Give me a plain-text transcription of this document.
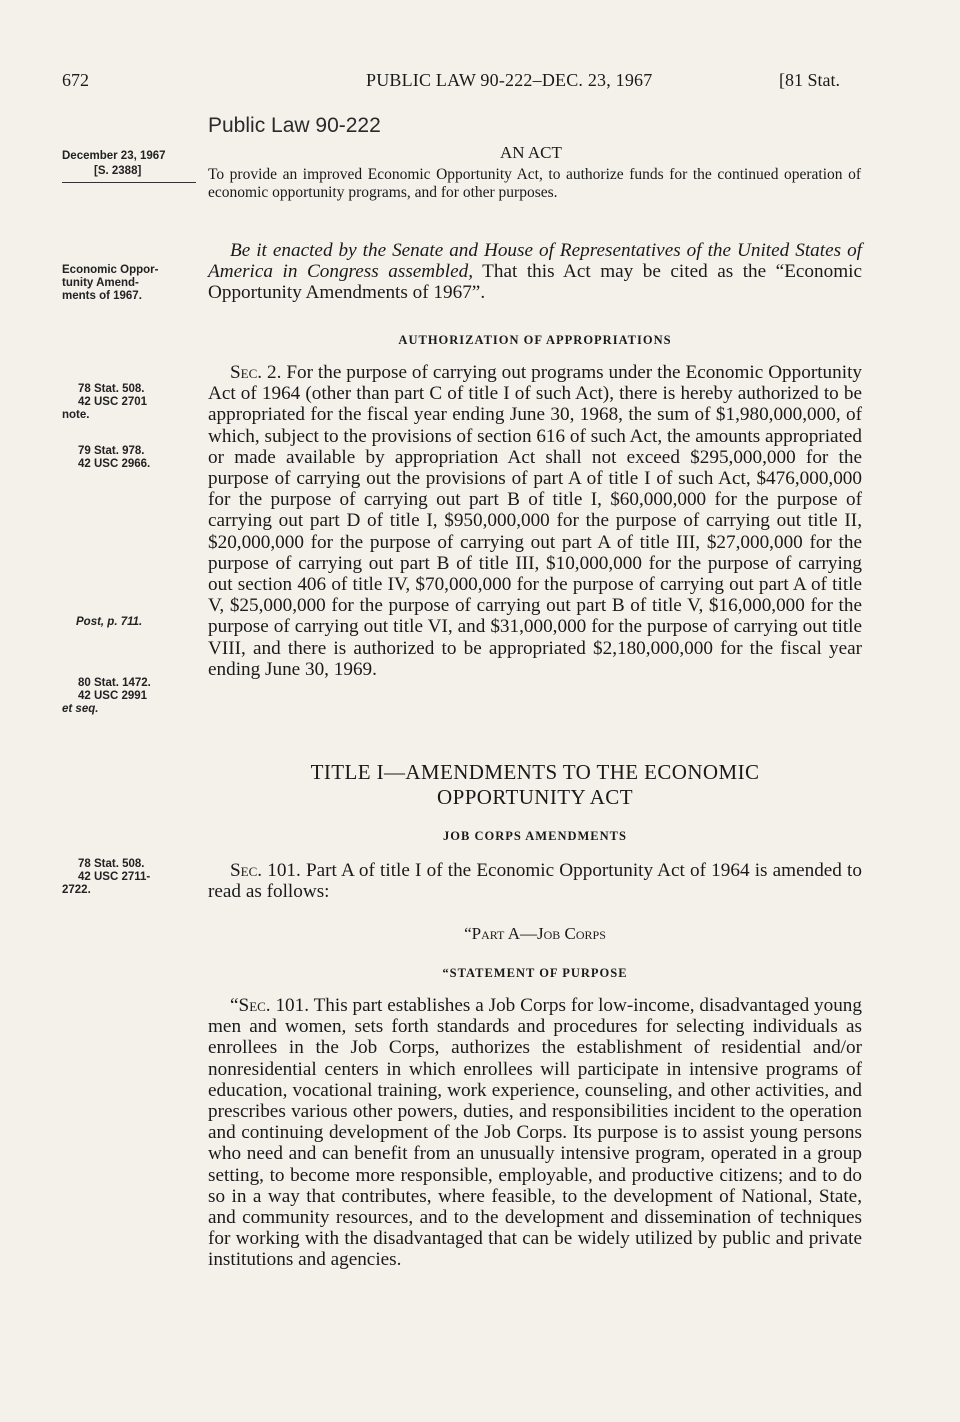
672	PUBLIC LAW 90-222–DEC. 23, 1967	[81 Stat.
Public Law 90-222
December 23, 1967
[S. 2388]
AN ACT
To provide an improved Economic Opportunity Act, to authorize funds for the continued operation of economic opportunity programs, and for other purposes.
Economic Oppor-
tunity Amend-
ments of 1967.
78 Stat. 508.
42 USC 2701
note.
79 Stat. 978.
42 USC 2966.
Post, p. 711.
80 Stat. 1472.
42 USC 2991
et seq.
78 Stat. 508.
42 USC 2711-
2722.
Be it enacted by the Senate and House of Representatives of the United States of America in Congress assembled, That this Act may be cited as the “Economic Opportunity Amendments of 1967”.
AUTHORIZATION OF APPROPRIATIONS
Sec. 2. For the purpose of carrying out programs under the Economic Opportunity Act of 1964 (other than part C of title I of such Act), there is hereby authorized to be appropriated for the fiscal year ending June 30, 1968, the sum of $1,980,000,000, of which, subject to the provisions of section 616 of such Act, the amounts appropriated or made available by appropriation Act shall not exceed $295,000,000 for the purpose of carrying out the provisions of part A of title I of such Act, $476,000,000 for the purpose of carrying out part B of title I, $60,000,000 for the purpose of carrying out part D of title I, $950,000,000 for the purpose of carrying out title II, $20,000,000 for the purpose of carrying out part A of title III, $27,000,000 for the purpose of carrying out part B of title III, $10,000,000 for the purpose of carrying out section 406 of title IV, $70,000,000 for the purpose of carrying out part A of title V, $25,000,000 for the purpose of carrying out part B of title V, $16,000,000 for the purpose of carrying out title VI, and $31,000,000 for the purpose of carrying out title VIII, and there is authorized to be appropriated $2,180,000,000 for the fiscal year ending June 30, 1969.
TITLE I—AMENDMENTS TO THE ECONOMIC
OPPORTUNITY ACT
JOB CORPS AMENDMENTS
Sec. 101. Part A of title I of the Economic Opportunity Act of 1964 is amended to read as follows:
“Part A—Job Corps
“STATEMENT OF PURPOSE
“Sec. 101. This part establishes a Job Corps for low-income, disadvantaged young men and women, sets forth standards and procedures for selecting individuals as enrollees in the Job Corps, authorizes the establishment of residential and/or nonresidential centers in which enrollees will participate in intensive programs of education, vocational training, work experience, counseling, and other activities, and prescribes various other powers, duties, and responsibilities incident to the operation and continuing development of the Job Corps. Its purpose is to assist young persons who need and can benefit from an unusually intensive program, operated in a group setting, to become more responsible, employable, and productive citizens; and to do so in a way that contributes, where feasible, to the development of National, State, and community resources, and to the development and dissemination of techniques for working with the disadvantaged that can be widely utilized by public and private institutions and agencies.
